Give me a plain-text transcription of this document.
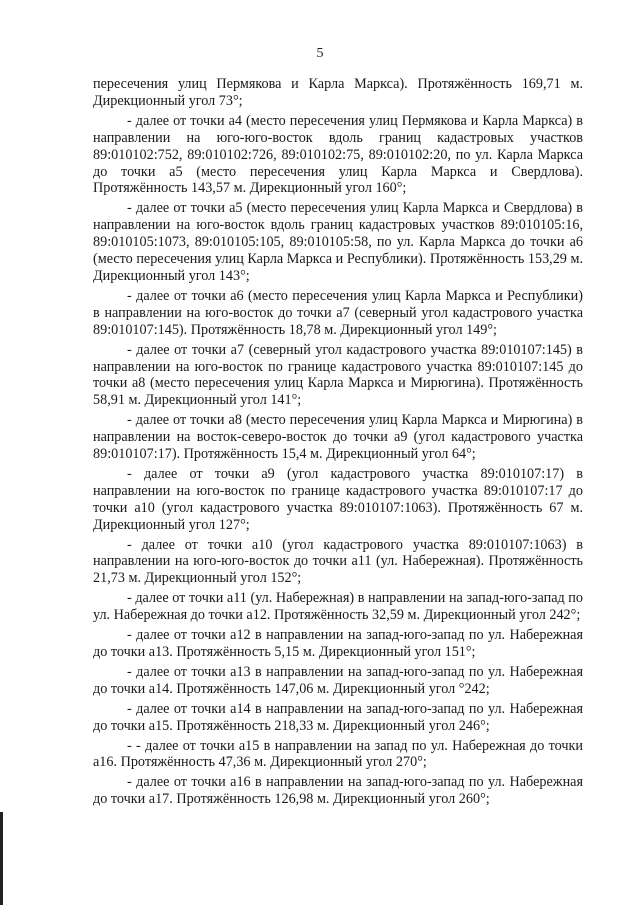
5

пересечения улиц Пермякова и Карла Маркса). Протяжённость 169,71 м. Дирекционный угол 73°;

- далее от точки а4 (место пересечения улиц Пермякова и Карла Маркса) в направлении на юго-юго-восток вдоль границ кадастровых участков 89:010102:752, 89:010102:726, 89:010102:75, 89:010102:20, по ул. Карла Маркса до точки а5 (место пересечения улиц Карла Маркса и Свердлова). Протяжённость 143,57 м. Дирекционный угол 160°;

- далее от точки а5 (место пересечения улиц Карла Маркса и Свердлова) в направлении на юго-восток вдоль границ кадастровых участков 89:010105:16, 89:010105:1073, 89:010105:105, 89:010105:58, по ул. Карла Маркса до точки а6 (место пересечения улиц Карла Маркса и Республики). Протяжённость 153,29 м. Дирекционный угол 143°;

- далее от точки а6 (место пересечения улиц Карла Маркса и Республики) в направлении на юго-восток до точки а7 (северный угол кадастрового участка 89:010107:145). Протяжённость 18,78 м. Дирекционный угол 149°;

- далее от точки а7 (северный угол кадастрового участка 89:010107:145) в направлении на юго-восток по границе кадастрового участка 89:010107:145 до точки а8 (место пересечения улиц Карла Маркса и Мирюгина). Протяжённость 58,91 м. Дирекционный угол 141°;

- далее от точки а8 (место пересечения улиц Карла Маркса и Мирюгина) в направлении на восток-северо-восток до точки а9 (угол кадастрового участка 89:010107:17). Протяжённость 15,4 м. Дирекционный угол 64°;

- далее от точки а9 (угол кадастрового участка 89:010107:17) в направлении на юго-восток по границе кадастрового участка 89:010107:17 до точки а10 (угол кадастрового участка 89:010107:1063). Протяжённость 67 м. Дирекционный угол 127°;

- далее от точки а10 (угол кадастрового участка 89:010107:1063) в направлении на юго-юго-восток до точки а11 (ул. Набережная). Протяжённость 21,73 м. Дирекционный угол 152°;

- далее от точки а11 (ул. Набережная) в направлении на запад-юго-запад по ул. Набережная до точки а12. Протяжённость 32,59 м. Дирекционный угол 242°;

- далее от точки а12 в направлении на запад-юго-запад по ул. Набережная до точки а13. Протяжённость 5,15 м. Дирекционный угол 151°;

- далее от точки а13 в направлении на запад-юго-запад по ул. Набережная до точки а14. Протяжённость 147,06 м. Дирекционный угол °242;

- далее от точки а14 в направлении на запад-юго-запад по ул. Набережная до точки а15. Протяжённость 218,33 м. Дирекционный угол 246°;

- - далее от точки а15 в направлении на запад по ул. Набережная до точки а16. Протяжённость 47,36 м. Дирекционный угол 270°;

- далее от точки а16 в направлении на запад-юго-запад по ул. Набережная до точки а17. Протяжённость 126,98 м. Дирекционный угол 260°;
